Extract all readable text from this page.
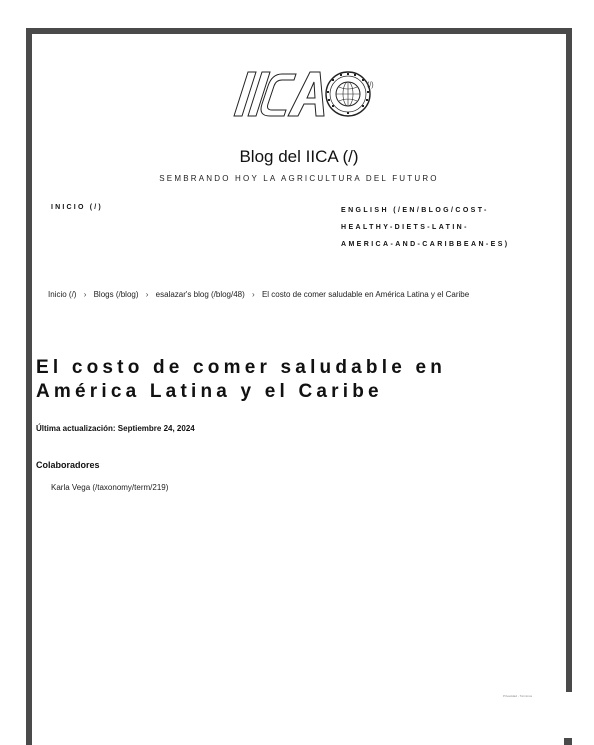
(/)
Blog del IICA (/)
SEMBRANDO HOY LA AGRICULTURA DEL FUTURO
INICIO (/)	ENGLISH (/EN/BLOG/COST-
HEALTHY-DIETS-LATIN-
AMERICA-AND-CARIBBEAN-ES)
Inicio (/) › Blogs (/blog) › esalazar's blog (/blog/48) › El costo de comer saludable en América Latina y el Caribe
El costo de comer saludable en América Latina y el Caribe
Última actualización: Septiembre 24, 2024
Colaboradores
Karla Vega (/taxonomy/term/219)
Privacidad - Términos
